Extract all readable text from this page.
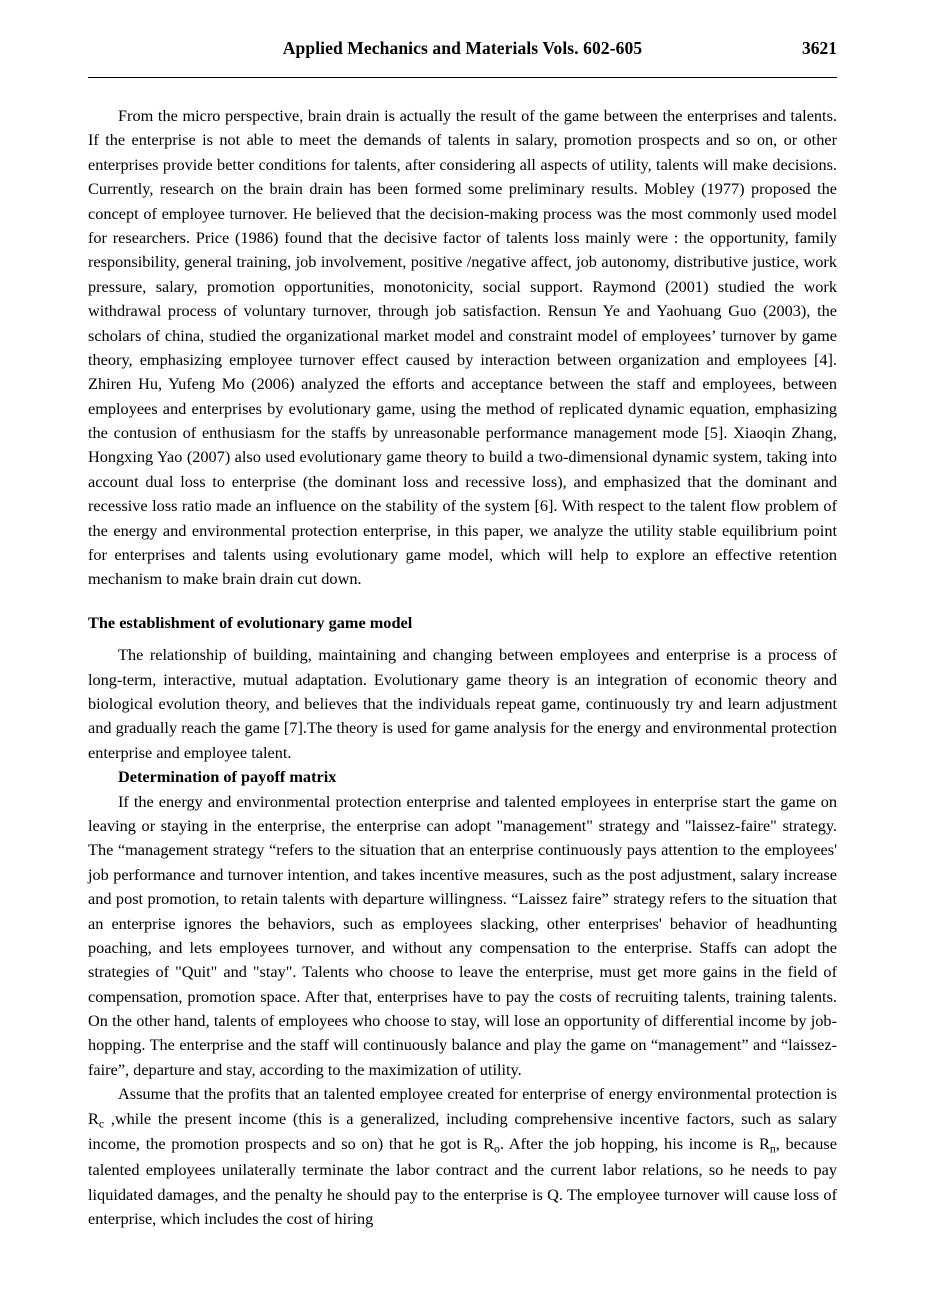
Applied Mechanics and Materials Vols. 602-605	3621

From the micro perspective, brain drain is actually the result of the game between the enterprises and talents. If the enterprise is not able to meet the demands of talents in salary, promotion prospects and so on, or other enterprises provide better conditions for talents, after considering all aspects of utility, talents will make decisions. Currently, research on the brain drain has been formed some preliminary results. Mobley (1977) proposed the concept of employee turnover. He believed that the decision-making process was the most commonly used model for researchers. Price (1986) found that the decisive factor of talents loss mainly were : the opportunity, family responsibility, general training, job involvement, positive /negative affect, job autonomy, distributive justice, work pressure, salary, promotion opportunities, monotonicity, social support. Raymond (2001) studied the work withdrawal process of voluntary turnover, through job satisfaction. Rensun Ye and Yaohuang Guo (2003), the scholars of china, studied the organizational market model and constraint model of employees’ turnover by game theory, emphasizing employee turnover effect caused by interaction between organization and employees [4]. Zhiren Hu, Yufeng Mo (2006) analyzed the efforts and acceptance between the staff and employees, between employees and enterprises by evolutionary game, using the method of replicated dynamic equation, emphasizing the contusion of enthusiasm for the staffs by unreasonable performance management mode [5]. Xiaoqin Zhang, Hongxing Yao (2007) also used evolutionary game theory to build a two-dimensional dynamic system, taking into account dual loss to enterprise (the dominant loss and recessive loss), and emphasized that the dominant and recessive loss ratio made an influence on the stability of the system [6]. With respect to the talent flow problem of the energy and environmental protection enterprise, in this paper, we analyze the utility stable equilibrium point for enterprises and talents using evolutionary game model, which will help to explore an effective retention mechanism to make brain drain cut down.

The establishment of evolutionary game model

The relationship of building, maintaining and changing between employees and enterprise is a process of long-term, interactive, mutual adaptation. Evolutionary game theory is an integration of economic theory and biological evolution theory, and believes that the individuals repeat game, continuously try and learn adjustment and gradually reach the game [7].The theory is used for game analysis for the energy and environmental protection enterprise and employee talent.

Determination of payoff matrix

If the energy and environmental protection enterprise and talented employees in enterprise start the game on leaving or staying in the enterprise, the enterprise can adopt "management" strategy and "laissez-faire" strategy. The “management strategy “refers to the situation that an enterprise continuously pays attention to the employees' job performance and turnover intention, and takes incentive measures, such as the post adjustment, salary increase and post promotion, to retain talents with departure willingness. “Laissez faire” strategy refers to the situation that an enterprise ignores the behaviors, such as employees slacking, other enterprises' behavior of headhunting poaching, and lets employees turnover, and without any compensation to the enterprise. Staffs can adopt the strategies of "Quit" and "stay". Talents who choose to leave the enterprise, must get more gains in the field of compensation, promotion space. After that, enterprises have to pay the costs of recruiting talents, training talents. On the other hand, talents of employees who choose to stay, will lose an opportunity of differential income by job-hopping. The enterprise and the staff will continuously balance and play the game on “management” and “laissez-faire”, departure and stay, according to the maximization of utility.

Assume that the profits that an talented employee created for enterprise of energy environmental protection is $R_c$ ,while the present income (this is a generalized, including comprehensive incentive factors, such as salary income, the promotion prospects and so on) that he got is $R_o$. After the job hopping, his income is $R_n$, because talented employees unilaterally terminate the labor contract and the current labor relations, so he needs to pay liquidated damages, and the penalty he should pay to the enterprise is Q. The employee turnover will cause loss of enterprise, which includes the cost of hiring
